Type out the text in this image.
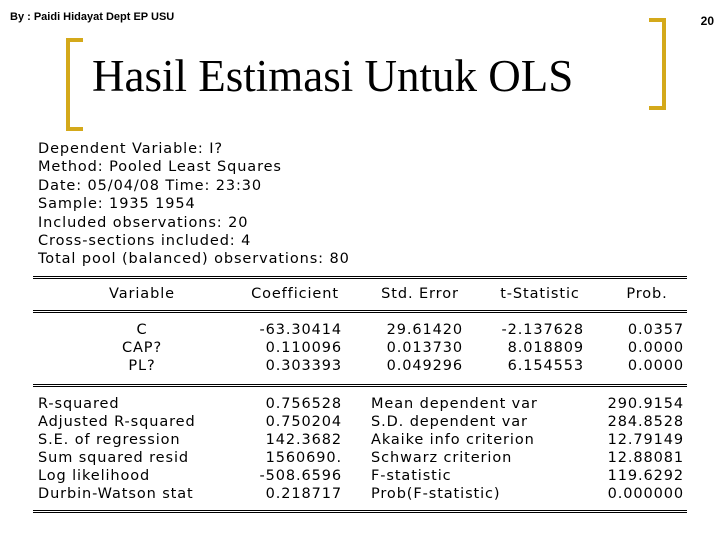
By : Paidi Hidayat Dept EP USU	20
Hasil Estimasi Untuk OLS
Dependent Variable: I?
Method: Pooled Least Squares
Date: 05/04/08 Time: 23:30
Sample: 1935 1954
Included observations: 20
Cross-sections included: 4
Total pool (balanced) observations: 80
Variable	Coefficient	Std. Error	t-Statistic	Prob.
C	-63.30414	29.61420	-2.137628	0.0357
CAP?	0.110096	0.013730	8.018809	0.0000
PL?	0.303393	0.049296	6.154553	0.0000
R-squared	0.756528 Mean dependent var	290.9154
Adjusted R-squared	0.750204 S.D. dependent var	284.8528
S.E. of regression	142.3682 Akaike info criterion	12.79149
Sum squared resid	1560690. Schwarz criterion	12.88081
Log likelihood	-508.6596 F-statistic	119.6292
Durbin-Watson stat	0.218717 Prob(F-statistic)	0.000000
